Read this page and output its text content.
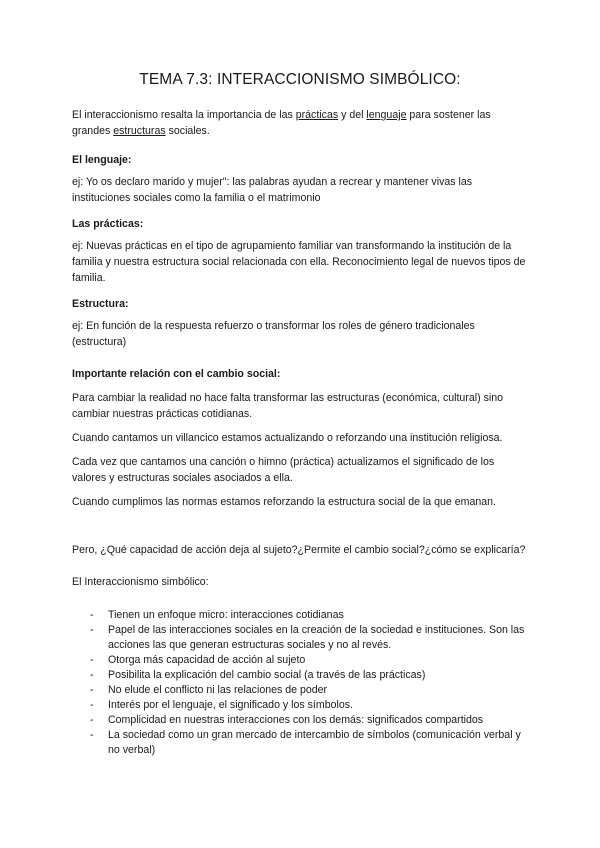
TEMA 7.3: INTERACCIONISMO SIMBÓLICO:

El interaccionismo resalta la importancia de las prácticas y del lenguaje para sostener las grandes estructuras sociales.

El lenguaje:

ej: Yo os declaro marido y mujer": las palabras ayudan a recrear y mantener vivas las instituciones sociales como la familia o el matrimonio

Las prácticas:

ej: Nuevas prácticas en el tipo de agrupamiento familiar van transformando la institución de la familia y nuestra estructura social relacionada con ella. Reconocimiento legal de nuevos tipos de familia.

Estructura:

ej: En función de la respuesta refuerzo o transformar los roles de género tradicionales (estructura)

Importante relación con el cambio social:

Para cambiar la realidad no hace falta transformar las estructuras (económica, cultural) sino cambiar nuestras prácticas cotidianas.

Cuando cantamos un villancico estamos actualizando o reforzando una institución religiosa.

Cada vez que cantamos una canción o himno (práctica) actualizamos el significado de los valores y estructuras sociales asociados a ella.

Cuando cumplimos las normas estamos reforzando la estructura social de la que emanan.

Pero, ¿Qué capacidad de acción deja al sujeto?¿Permite el cambio social?¿cómo se explicaría?

El Interaccionismo simbólico:

- Tienen un enfoque micro: interacciones cotidianas
- Papel de las interacciones sociales en la creación de la sociedad e instituciones. Son las acciones las que generan estructuras sociales y no al revés.
- Otorga más capacidad de acción al sujeto
- Posibilita la explicación del cambio social (a través de las prácticas)
- No elude el conflicto ni las relaciones de poder
- Interés por el lenguaje, el significado y los símbolos.
- Complicidad en nuestras interacciones con los demás: significados compartidos
- La sociedad como un gran mercado de intercambio de símbolos (comunicación verbal y no verbal)
